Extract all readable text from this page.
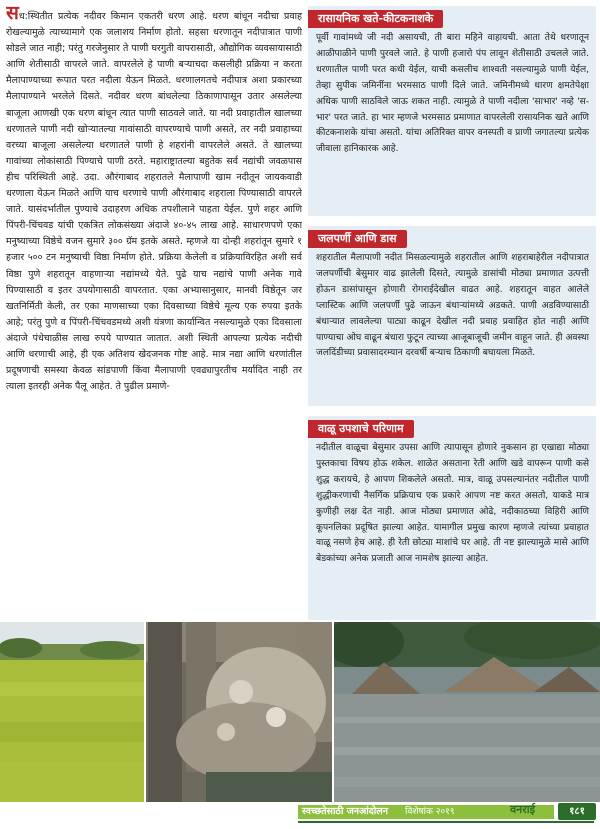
सध:स्थितीत प्रत्येक नदीवर किमान एकतरी धरण आहे. धरण बांधून नदीचा प्रवाह रोखल्यामुळे त्याच्यामागे एक जलाशय निर्माण होतो. सहसा धरणातून नदीपात्रात पाणी सोडले जात नाही; परंतु गरजेनुसार ते पाणी घरगुती वापरासाठी, औद्योगिक व्यवसायासाठी आणि शेतीसाठी वापरले जाते. वापरलेले हे पाणी बऱ्याचदा कसलीही प्रक्रिया न करता मैलापाण्याच्या रूपात परत नदीला येऊन मिळते. धरणालगतचे नदीपात्र अशा प्रकारच्या मैलापाण्याने भरलेले दिसते. नदीवर धरण बांधलेल्या ठिकाणापासून उतार असलेल्या बाजूला आणखी एक धरण बांधून त्यात पाणी साठवले जाते. या नदी प्रवाहातील खालच्या धरणातले पाणी नदी खोऱ्यातल्या गावांसाठी वापरण्याचे पाणी असते, तर नदी प्रवाहाच्या वरच्या बाजूला असलेल्या धरणातले पाणी हे शहरांनी वापरलेले असते. ते खालच्या गावांच्या लोकांसाठी पिण्याचे पाणी ठरते. महाराष्ट्रातल्या बहुतेक सर्व नद्यांची जवळपास हीच परिस्थिती आहे. उदा. औरंगाबाद शहरातले मैलापाणी खाम नदीतून जायकवाडी धरणाला येऊन मिळते आणि याच धरणाचे पाणी औरंगाबाद शहराला पिण्यासाठी वापरले जाते. यासंदर्भातील पुण्याचे उदाहरण अधिक तपशीलाने पाहता येईल. पुणे शहर आणि पिंपरी-चिंचवड यांची एकत्रित लोकसंख्या अंदाजे ४०-४५ लाख आहे. साधारणपणे एका मनुष्याच्या विष्ठेचे वजन सुमारे ३०० ग्रॅम इतके असते. म्हणजे या दोन्ही शहरांतून सुमारे १ हजार ५०० टन मनुष्याची विष्ठा निर्माण होते. प्रक्रिया केलेली व प्रक्रियाविरहित अशी सर्व विष्ठा पुणे शहरातून वाहणाऱ्या नद्यांमध्ये येते. पुढे याच नद्यांचे पाणी अनेक गावे पिण्यासाठी व इतर उपयोगासाठी वापरतात. एका अभ्यासानुसार, मानवी विष्ठेतून जर खतनिर्मिती केली, तर एका माणसाच्या एका दिवसाच्या विष्ठेचे मूल्य एक रुपया इतके आहे; परंतु पुणे व पिंपरी-चिंचवडमध्ये अशी यंत्रणा कार्यान्वित नसल्यामुळे एका दिवसाला अंदाजे पंधेचाळीस लाख रुपये पाण्यात जातात. अशी स्थिती आपल्या प्रत्येक नदीची आणि धरणाची आहे, ही एक अतिशय खेदजनक गोष्ट आहे. मात्र नद्या आणि धरणांतील प्रदूषणाची समस्या केवळ सांडपाणी किंवा मैलापाणी एवढ्यापुरतीच मर्यादित नाही तर त्याला इतरही अनेक पैलू आहेत. ते पुढील प्रमाणे-
रासायनिक खते-कीटकनाशके
पूर्वी गावांमध्ये जी नदी असायची, ती बारा महिने वाहायची. आता तेथे धरणातून आळीपाळीने पाणी पुरवले जाते. हे पाणी हजारो पंप लावून शेतीसाठी उचलले जाते. धरणातील पाणी परत कधी येईल, याची कसलीच शाश्वती नसल्यामुळे पाणी येईल, तेव्हा सुपीक जमिनींना भरमसाठ पाणी दिले जाते. जमिनीमध्ये धारण क्षमतेपेक्षा अधिक पाणी साठविले जाऊ शकत नाही. त्यामुळे ते पाणी नदीला 'साभार' नव्हे 'स-भार' परत जाते. हा भार म्हणजे भरमसाठ प्रमाणात वापरलेली रासायनिक खते आणि कीटकनाशके यांचा असतो. यांचा अतिरिक्त वापर वनस्पती व प्राणी जगातल्या प्रत्येक जीवाला हानिकारक आहे.
जलपर्णी आणि डास
शहरातील मैलापाणी नदीत मिसळल्यामुळे शहरातील आणि शहराबाहेरील नदीपात्रात जलपर्णीची बेसुमार वाढ झालेली दिसते, त्यामुळे डासांची मोठ्या प्रमाणात उत्पत्ती होऊन डासांपासून होणारी रोगराईदेखील वाढत आहे. शहरातून वाहत आलेले प्लास्टिक आणि जलपर्णी पुढे जाऊन बंधाऱ्यांमध्ये अडकते. पाणी अडविण्यासाठी बंधाऱ्यात लावलेल्या पाट्या काढून देखील नदी प्रवाह प्रवाहित होत नाही आणि पाण्याचा ओघ वाढून बंधारा फुटून त्याच्या आजूबाजूची जमीन वाहून जाते. ही अवस्था जलदिंडीच्या प्रवासादरम्यान दरवर्षी बऱ्याच ठिकाणी बघायला मिळते.
वाळू उपशाचे परिणाम
नदीतील वाळूचा बेसुमार उपसा आणि त्यापासून होणारे नुकसान हा एखाद्या मोठ्या पुस्तकाचा विषय होऊ शकेल. शाळेत असताना रेती आणि खडे वापरून पाणी कसे शुद्ध करायचे, हे आपण शिकलेले असतो. मात्र, वाळू उपसल्यानंतर नदीतील पाणी शुद्धीकरणाची नैसर्गिक प्रक्रियाच एक प्रकारे आपण नष्ट करत असतो, याकडे मात्र कुणीही लक्ष देत नाही. आज मोठ्या प्रमाणात ओढे, नदीकाठच्या विहिरी आणि कूपनलिका प्रदूषित झाल्या आहेत. यामागील प्रमुख कारण म्हणजे त्यांच्या प्रवाहात वाळू नसणे हेच आहे. ही रेती छोट्या माशांचे घर आहे. ती नष्ट झाल्यामुळे मासे आणि बेडकांच्या अनेक प्रजाती आज नामशेष झाल्या आहेत.
स्वच्छतेसाठी जनआंदोलन विशेषांक २०१९	वनराई	१८१
